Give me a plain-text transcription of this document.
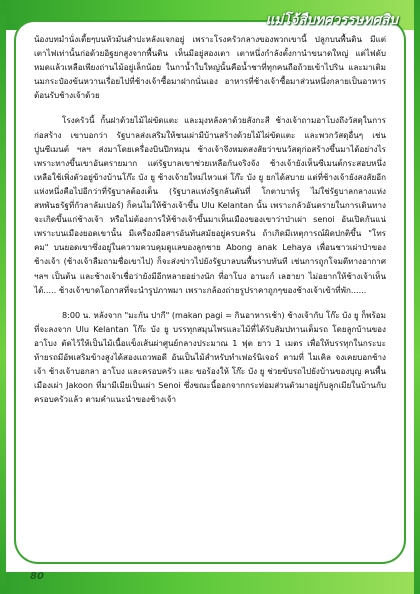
แม่โจ้สืบทศวรรษทศสิบ

น้องบทมำนั่งเตี้ยๆบนหัวมันสำปะหลังแจกอยู่ เพราะโรงครัวกลางของพวกเขานี้ ปลูกบนพื้นดิน มีแต่เตาไฟเท่านั้นก่อด้วยอิฐยกสูงจากพื้นดิน เห็นมีอยู่สองเตา เตาหนึ่งกำลังตั้งกานำขนาดใหญ่ แต่ไฟดับหมดแล้วเหลือเพียงถ่านไม้อยู่เล็กน้อย ในกาน้ำใบใหญ่นั้นคือน้ำชาที่ทุกคนถือถ้วยเข้าไปริน และมาเติมนมกระป๋องข้นหวานเรื่อยไปที่ช้างเจ้าซื้อมาฝากนั่นเอง อาหารที่ช้างเจ้าซื้อมาส่วนหนึ่งกลายเป็นอาหารต้อนรับช้างเจ้าด้วย

โรงครัวนี้ กั้นฝาด้วยไม้ไผ่ขัดแตะ และมุงหลังคาด้วยสังกะสี ช้างเจ้าถามอาโบงถึงวัสดุในการก่อสร้าง เขาบอกว่า รัฐบาลส่งเสริมให้ชนเผ่ามีบ้านสร้างด้วยไม้ไผ่ขัดแตะ และพวกวัสดุอื่นๆ เช่นปูนซีเมนต์ ฯลฯ ส่งมาโดยเครื่องบินปีกหมุน ช้างเจ้าจึงหมดสงสัยว่าขนวัสดุก่อสร้างขึ้นมาได้อย่างไร เพราะทางขึ้นเขาอันตรายมาก แต่รัฐบาลเขาช่วยเหลือกันจริงจัง ช้างเจ้ายังเห็นซีเมนต์กระสอบหนึ่งเหลือใช้เพิ่งตัวอยู่ข้างบ้านโก๊ะ บัง ยู ช้างเจ้ายใหม่ไหวแต่ โก๊ะ บัง ยู ยกได้สบาย แต่ที่ช้างเจ้ายังสงสัยอีกแห่งหนึ่งคือไปอีกว่าที่รัฐบาลต้องเต็น (รัฐบาลแห่งรัฐกลันตันที่ โกตาบาห์รู ไม่ใช่รัฐบาลกลางแห่งสหพันธรัฐที่กัวลาลัมเปอร์) ก็คนไมให้ช้างเจ้าขึ้น Ulu Kelantan นั้น เพราะกลัวอันตรายในการเดินทางจะเกิดขึ้นแก่ช้างเจ้า หรือไม่ต้องการให้ช้างเจ้าขึ้นมาเห็นเมืองของเขาว่าป่าเผ่า senoi อันเปิดกันแน่ เพราะบนเมืองยอดเขานั้น มีเครื่องมือสารอันทันสมัยอยู่ครบครัน ถ้าเกิดมีเหตุการณ์ผิดปกติขึ้น "โทรคม" บนยอดเขาซึ่งอยู่ในความควบคุมดูแลของลูกชาย Abong anak Lehaya เพื่อนชาวเผ่าป่าของช้างเจ้า (ช้างเจ้าลืมถามชื่อเขาไป) ก็จะส่งข่าวไปยังรัฐบาลบนพื้นราบทันที เช่นการถูกโจมตีทางอากาศ ฯลฯ เป็นต้น และช้างเจ้าเชื่อว่ายังมีอีกหลายอย่างนัก ที่อาโบง อานะก์ เลฮายา ไม่อยากให้ช้างเจ้าเห็นได้..... ช้างเจ้าขาดโอกาสที่จะนำรูปภาพมา เพราะกล้องถ่ายรูปราคาถูกๆของช้างเจ้าเข้าที่พัก......

8:00 น. หลังจาก "มะกัน ปากี" (makan pagi = กินอาหารเช้า) ช้างเจ้ากับ โก๊ะ บัง ยู ก็พร้อมที่จะลงจาก Ulu Kelantan โก๊ะ บัง ยู บรรทุกสมุนไพรและไม้ที่ได้รับสัมปทานเต็มรถ โดยลูกบ้านของ อาโบง ตัดไว้ให้เป็นไม้เนื้อแข็งเส้นผ่าศูนย์กลางประมาณ 1 ฟุต ยาว 1 เมตร เพื่อให้บรรทุกในกระบะท้ายรถมีอัพเสริมข้างสูงได้สองแถวพอดี อันเป็นไม้สำหรับทำเฟอร์นิเจอร์ ตามที่ ไมเคิล จงเคยบอกช้างเจ้า ช้างเจ้าบอกลา อาโบง และครอบครัว และ ขอร้องให้ โก๊ะ บัง ยู ช่วยขับรถไปยังบ้านของบุญ คนพื้นเมืองเผ่า Jakoon ที่มามีเมียเป็นเผ่า Senoi ซึ่งขณะนี้ออกจากกระท่อมส่วนตัวมาอยู่กับลูกเมียในบ้านกับครอบครัวแล้ว ตามคำแนะนำของช้างเจ้า

80
